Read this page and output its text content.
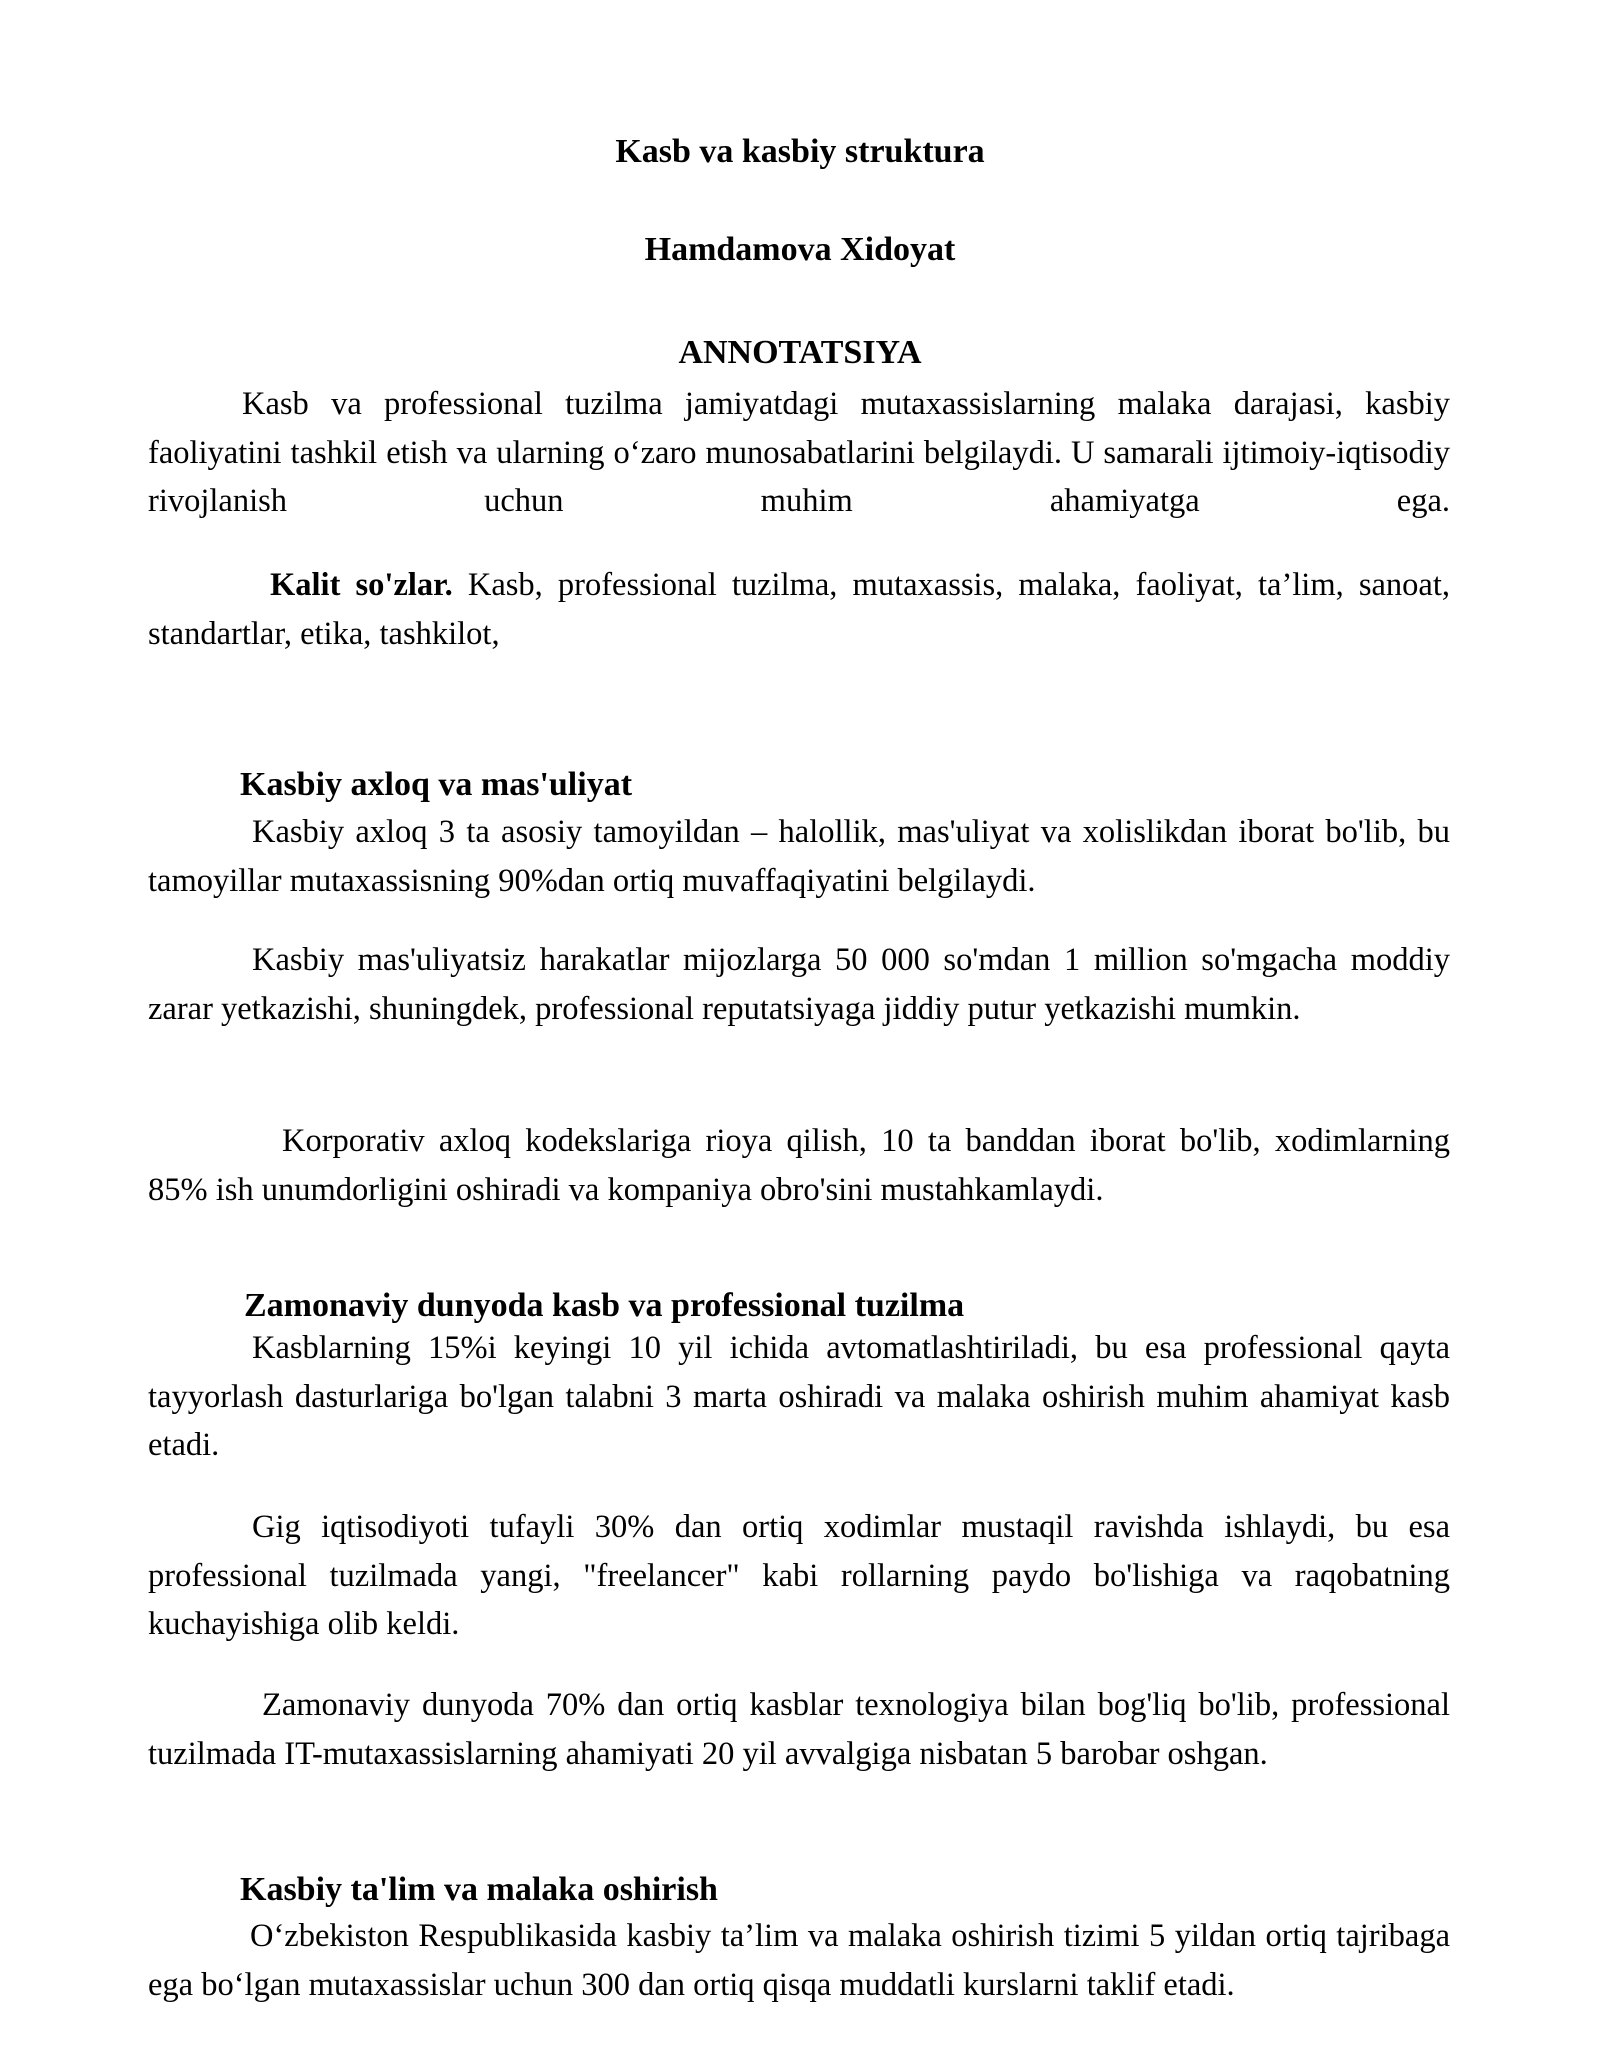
Kasb va kasbiy struktura
Hamdamova Xidoyat
ANNOTATSIYA

Kasb va professional tuzilma jamiyatdagi mutaxassislarning malaka darajasi, kasbiy faoliyatini tashkil etish va ularning o‘zaro munosabatlarini belgilaydi. U samarali ijtimoiy-iqtisodiy rivojlanish uchun muhim ahamiyatga ega.

Kalit so'zlar. Kasb, professional tuzilma, mutaxassis, malaka, faoliyat, ta’lim, sanoat, standartlar, etika, tashkilot,

Kasbiy axloq va mas'uliyat

Kasbiy axloq 3 ta asosiy tamoyildan – halollik, mas'uliyat va xolislikdan iborat bo'lib, bu tamoyillar mutaxassisning 90%dan ortiq muvaffaqiyatini belgilaydi.

Kasbiy mas'uliyatsiz harakatlar mijozlarga 50 000 so'mdan 1 million so'mgacha moddiy zarar yetkazishi, shuningdek, professional reputatsiyaga jiddiy putur yetkazishi mumkin.

Korporativ axloq kodekslariga rioya qilish, 10 ta banddan iborat bo'lib, xodimlarning 85% ish unumdorligini oshiradi va kompaniya obro'sini mustahkamlaydi.

Zamonaviy dunyoda kasb va professional tuzilma

Kasblarning 15%i keyingi 10 yil ichida avtomatlashtiriladi, bu esa professional qayta tayyorlash dasturlariga bo'lgan talabni 3 marta oshiradi va malaka oshirish muhim ahamiyat kasb etadi.

Gig iqtisodiyoti tufayli 30% dan ortiq xodimlar mustaqil ravishda ishlaydi, bu esa professional tuzilmada yangi, "freelancer" kabi rollarning paydo bo'lishiga va raqobatning kuchayishiga olib keldi.

Zamonaviy dunyoda 70% dan ortiq kasblar texnologiya bilan bog'liq bo'lib, professional tuzilmada IT-mutaxassislarning ahamiyati 20 yil avvalgiga nisbatan 5 barobar oshgan.

Kasbiy ta'lim va malaka oshirish

O‘zbekiston Respublikasida kasbiy ta’lim va malaka oshirish tizimi 5 yildan ortiq tajribaga ega bo‘lgan mutaxassislar uchun 300 dan ortiq qisqa muddatli kurslarni taklif etadi.
